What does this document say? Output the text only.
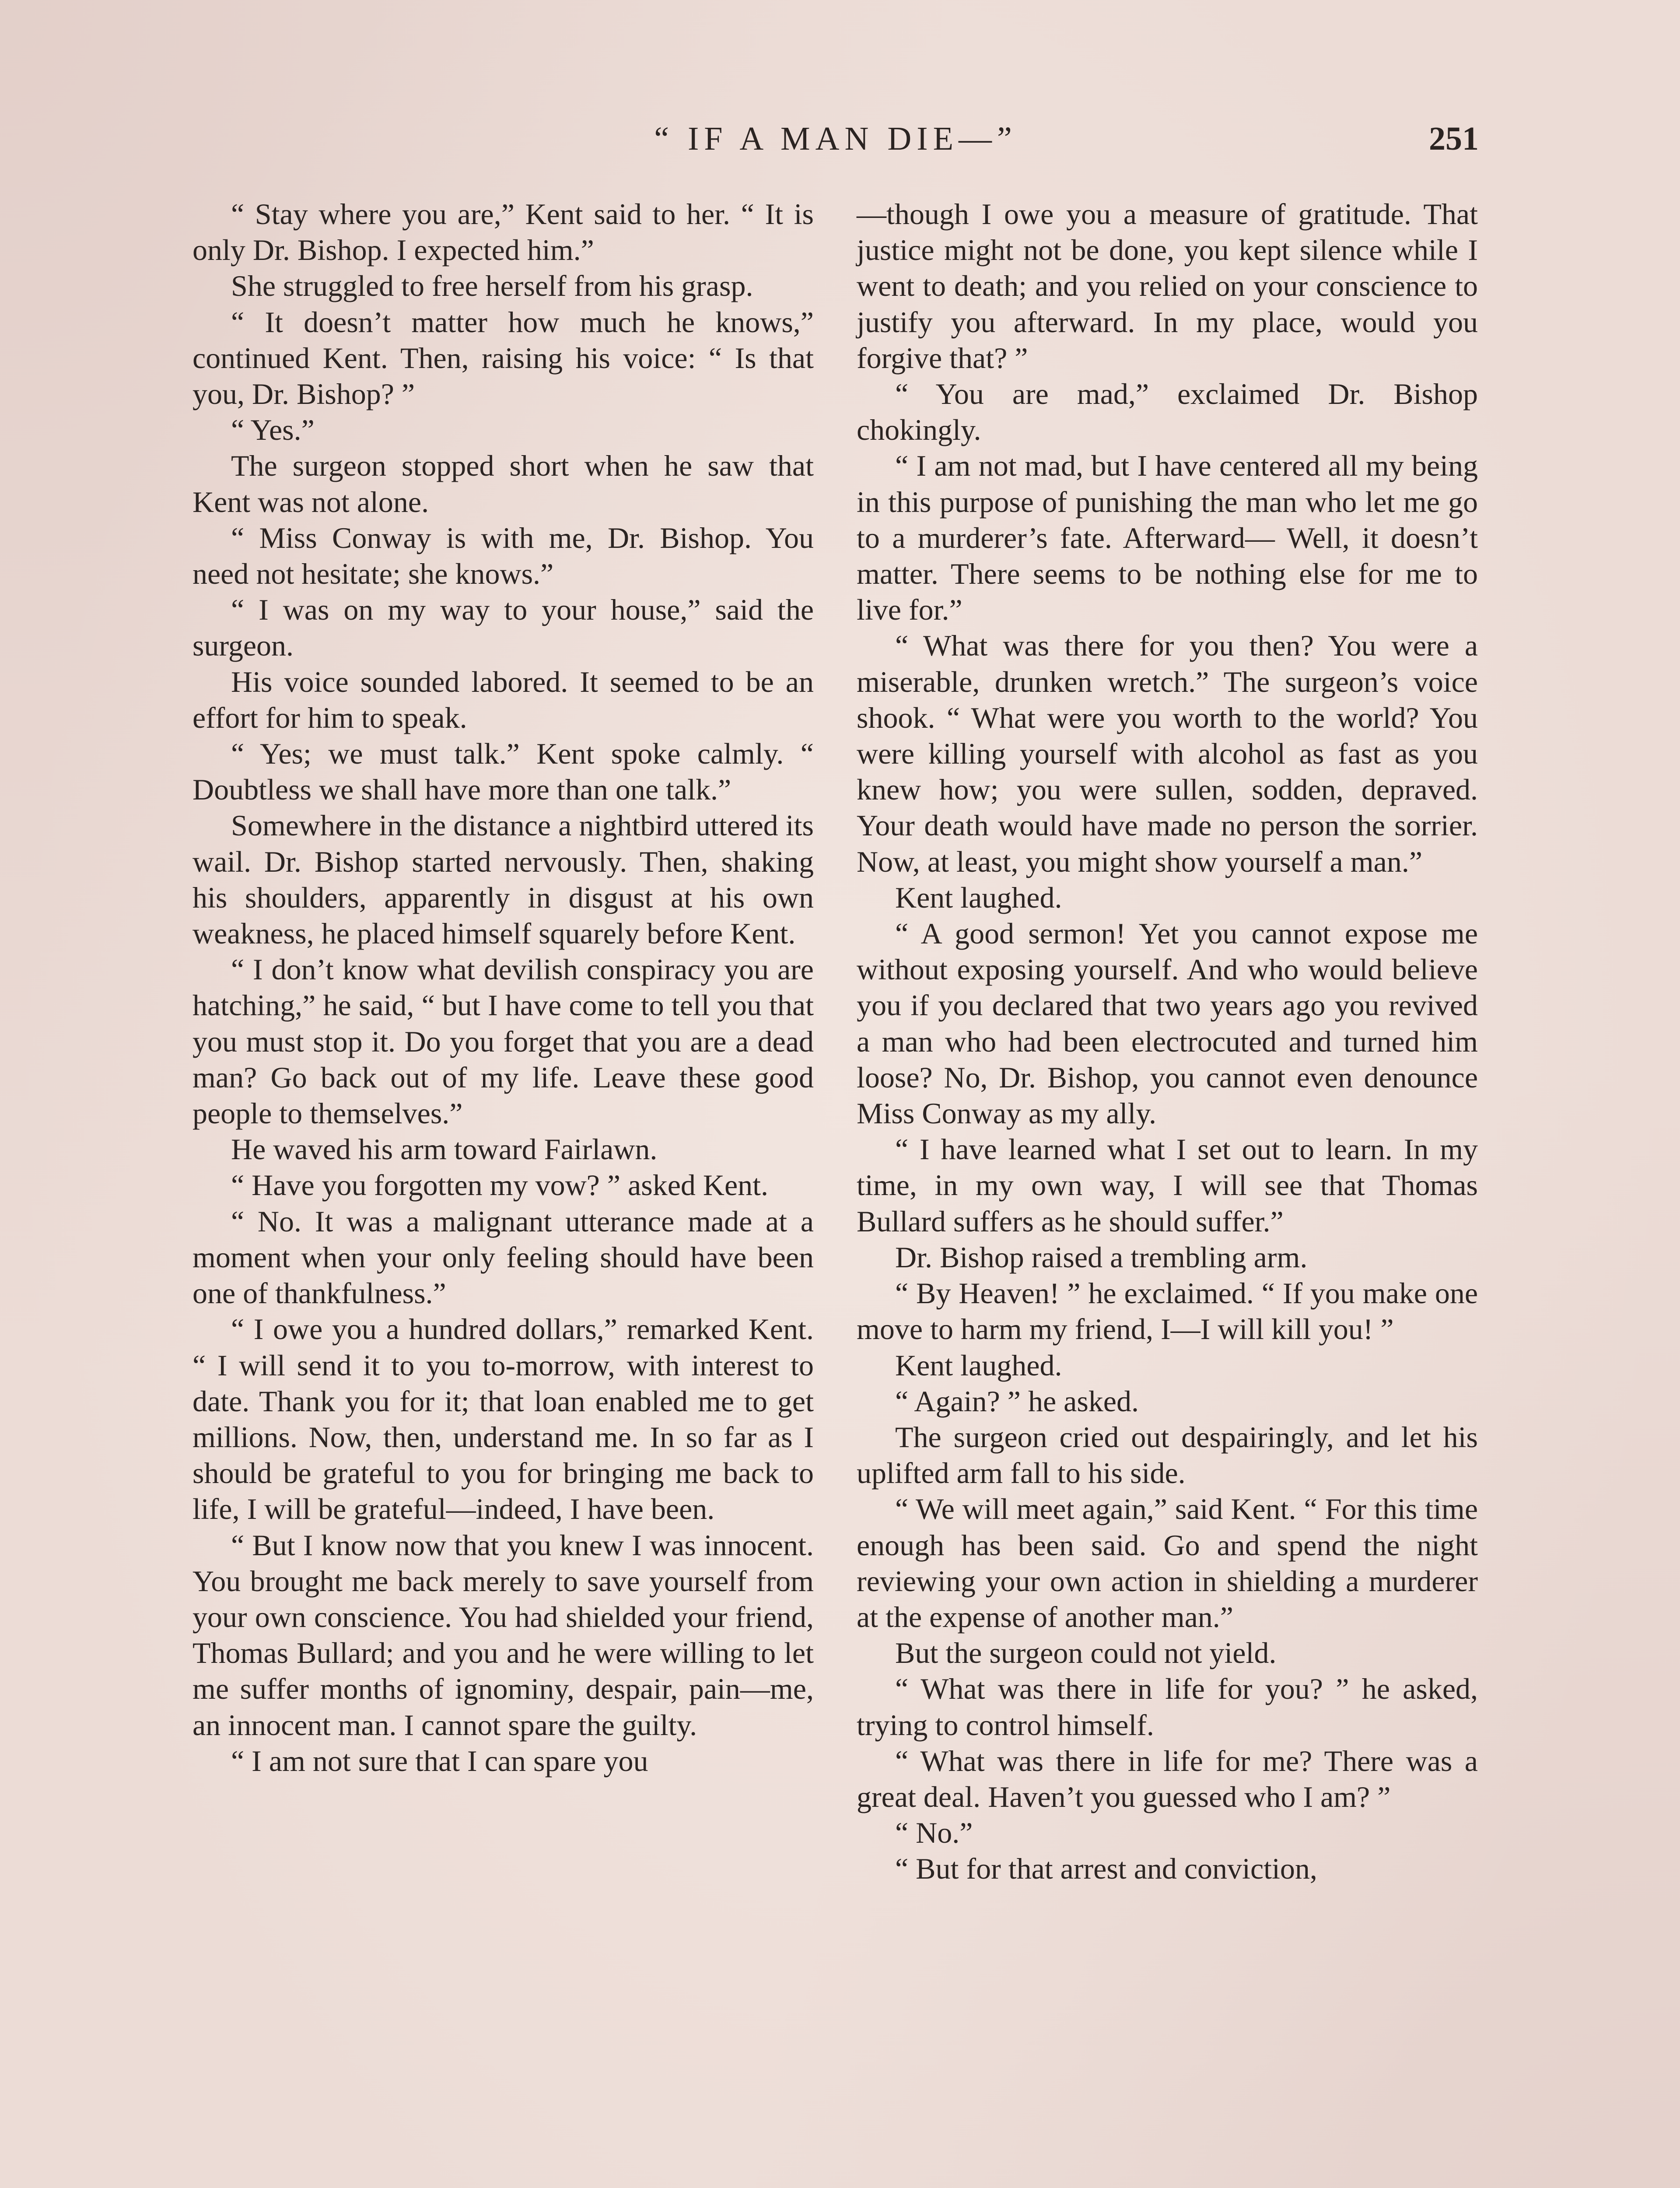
“ IF A MAN DIE—”	251

“ Stay where you are,” Kent said to her. “ It is only Dr. Bishop. I expected him.”

She struggled to free herself from his grasp.

“ It doesn’t matter how much he knows,” continued Kent. Then, raising his voice: “ Is that you, Dr. Bishop? ”

“ Yes.”

The surgeon stopped short when he saw that Kent was not alone.

“ Miss Conway is with me, Dr. Bishop. You need not hesitate; she knows.”

“ I was on my way to your house,” said the surgeon.

His voice sounded labored. It seemed to be an effort for him to speak.

“ Yes; we must talk.” Kent spoke calmly. “ Doubtless we shall have more than one talk.”

Somewhere in the distance a nightbird uttered its wail. Dr. Bishop started nervously. Then, shaking his shoulders, apparently in disgust at his own weakness, he placed himself squarely before Kent.

“ I don’t know what devilish conspiracy you are hatching,” he said, “ but I have come to tell you that you must stop it. Do you forget that you are a dead man? Go back out of my life. Leave these good people to themselves.”

He waved his arm toward Fairlawn.

“ Have you forgotten my vow? ” asked Kent.

“ No. It was a malignant utterance made at a moment when your only feeling should have been one of thankfulness.”

“ I owe you a hundred dollars,” remarked Kent. “ I will send it to you to-morrow, with interest to date. Thank you for it; that loan enabled me to get millions. Now, then, understand me. In so far as I should be grateful to you for bringing me back to life, I will be grateful—indeed, I have been.

“ But I know now that you knew I was innocent. You brought me back merely to save yourself from your own conscience. You had shielded your friend, Thomas Bullard; and you and he were willing to let me suffer months of ignominy, despair, pain—me, an innocent man. I cannot spare the guilty.

“ I am not sure that I can spare you

—though I owe you a measure of gratitude. That justice might not be done, you kept silence while I went to death; and you relied on your conscience to justify you afterward. In my place, would you forgive that? ”

“ You are mad,” exclaimed Dr. Bishop chokingly.

“ I am not mad, but I have centered all my being in this purpose of punishing the man who let me go to a murderer’s fate. Afterward— Well, it doesn’t matter. There seems to be nothing else for me to live for.”

“ What was there for you then? You were a miserable, drunken wretch.” The surgeon’s voice shook. “ What were you worth to the world? You were killing yourself with alcohol as fast as you knew how; you were sullen, sodden, depraved. Your death would have made no person the sorrier. Now, at least, you might show yourself a man.”

Kent laughed.

“ A good sermon! Yet you cannot expose me without exposing yourself. And who would believe you if you declared that two years ago you revived a man who had been electrocuted and turned him loose? No, Dr. Bishop, you cannot even denounce Miss Conway as my ally.

“ I have learned what I set out to learn. In my time, in my own way, I will see that Thomas Bullard suffers as he should suffer.”

Dr. Bishop raised a trembling arm.

“ By Heaven! ” he exclaimed. “ If you make one move to harm my friend, I—I will kill you! ”

Kent laughed.

“ Again? ” he asked.

The surgeon cried out despairingly, and let his uplifted arm fall to his side.

“ We will meet again,” said Kent. “ For this time enough has been said. Go and spend the night reviewing your own action in shielding a murderer at the expense of another man.”

But the surgeon could not yield.

“ What was there in life for you? ” he asked, trying to control himself.

“ What was there in life for me? There was a great deal. Haven’t you guessed who I am? ”

“ No.”

“ But for that arrest and conviction,
